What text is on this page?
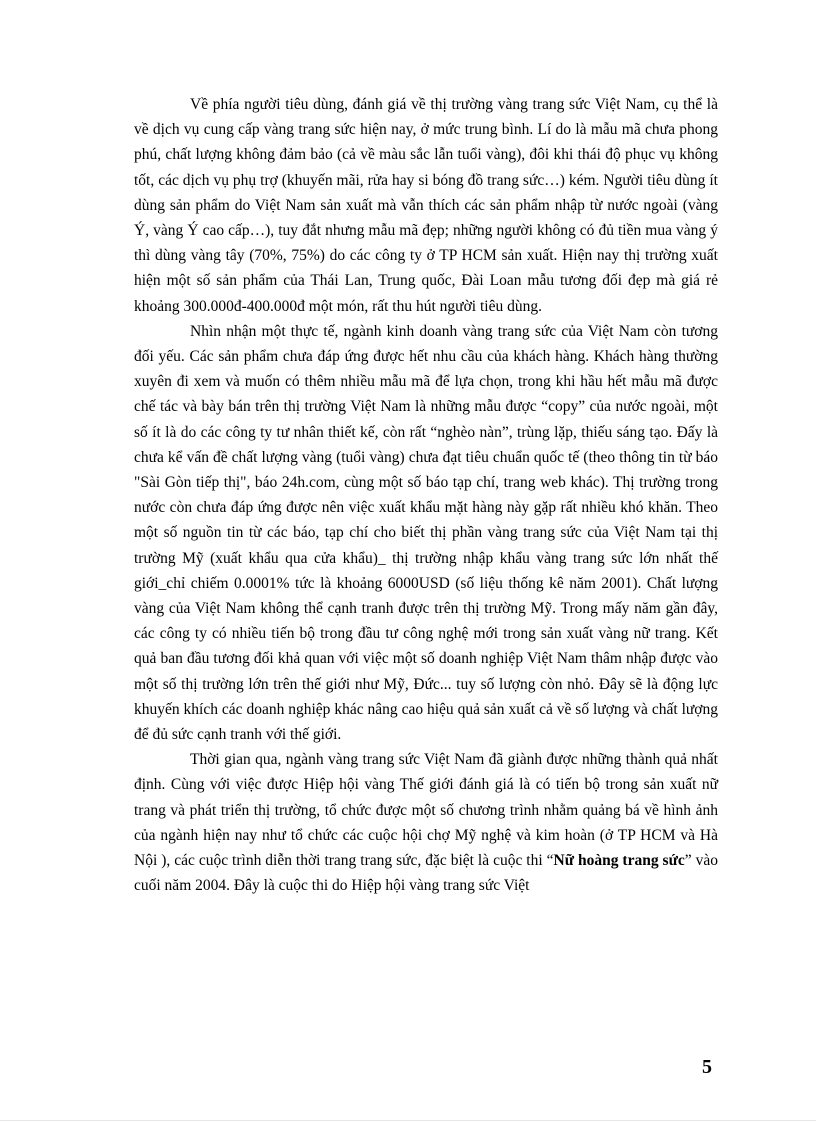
Về phía người tiêu dùng, đánh giá về thị trường vàng trang sức Việt Nam, cụ thể là về dịch vụ cung cấp vàng trang sức hiện nay, ở mức trung bình. Lí do là mẫu mã chưa phong phú, chất lượng không đảm bảo (cả về màu sắc lẫn tuổi vàng), đôi khi thái độ phục vụ không tốt, các dịch vụ phụ trợ (khuyến mãi, rửa hay si bóng đồ trang sức…) kém. Người tiêu dùng ít dùng sản phẩm do Việt Nam sản xuất mà vẫn thích các sản phẩm nhập từ nước ngoài (vàng Ý, vàng Ý cao cấp…), tuy đắt nhưng mẫu mã đẹp; những người không có đủ tiền mua vàng ý thì dùng vàng tây (70%, 75%) do các công ty ở TP HCM sản xuất. Hiện nay thị trường xuất hiện một số sản phẩm của Thái Lan, Trung quốc, Đài Loan mẫu tương đối đẹp mà giá rẻ khoảng 300.000đ-400.000đ một món, rất thu hút người tiêu dùng.

Nhìn nhận một thực tế, ngành kinh doanh vàng trang sức của Việt Nam còn tương đối yếu. Các sản phẩm chưa đáp ứng được hết nhu cầu của khách hàng. Khách hàng thường xuyên đi xem và muốn có thêm nhiều mẫu mã để lựa chọn, trong khi hầu hết mẫu mã được chế tác và bày bán trên thị trường Việt Nam là những mẫu được “copy” của nước ngoài, một số ít là do các công ty tư nhân thiết kế, còn rất “nghèo nàn”, trùng lặp, thiếu sáng tạo. Đấy là chưa kể vấn đề chất lượng vàng (tuổi vàng) chưa đạt tiêu chuẩn quốc tế (theo thông tin từ báo "Sài Gòn tiếp thị", báo 24h.com, cùng một số báo tạp chí, trang web khác). Thị trường trong nước còn chưa đáp ứng được nên việc xuất khẩu mặt hàng này gặp rất nhiều khó khăn. Theo một số nguồn tin từ các báo, tạp chí cho biết thị phần vàng trang sức của Việt Nam tại thị trường Mỹ (xuất khẩu qua cửa khẩu)_ thị trường nhập khẩu vàng trang sức lớn nhất thế giới_chỉ chiếm 0.0001% tức là khoảng 6000USD (số liệu thống kê năm 2001). Chất lượng vàng của Việt Nam không thể cạnh tranh được trên thị trường Mỹ. Trong mấy năm gần đây, các công ty có nhiều tiến bộ trong đầu tư công nghệ mới trong sản xuất vàng nữ trang. Kết quả ban đầu tương đối khả quan với việc một số doanh nghiệp Việt Nam thâm nhập được vào một số thị trường lớn trên thế giới như Mỹ, Đức... tuy số lượng còn nhỏ. Đây sẽ là động lực khuyến khích các doanh nghiệp khác nâng cao hiệu quả sản xuất cả về số lượng và chất lượng để đủ sức cạnh tranh với thế giới.

Thời gian qua, ngành vàng trang sức Việt Nam đã giành được những thành quả nhất định. Cùng với việc được Hiệp hội vàng Thế giới đánh giá là có tiến bộ trong sản xuất nữ trang và phát triển thị trường, tổ chức được một số chương trình nhằm quảng bá về hình ảnh của ngành hiện nay như tổ chức các cuộc hội chợ Mỹ nghệ và kim hoàn (ở TP HCM và Hà Nội ), các cuộc trình diễn thời trang trang sức, đặc biệt là cuộc thi “Nữ hoàng trang sức” vào cuối năm 2004. Đây là cuộc thi do Hiệp hội vàng trang sức Việt

5
